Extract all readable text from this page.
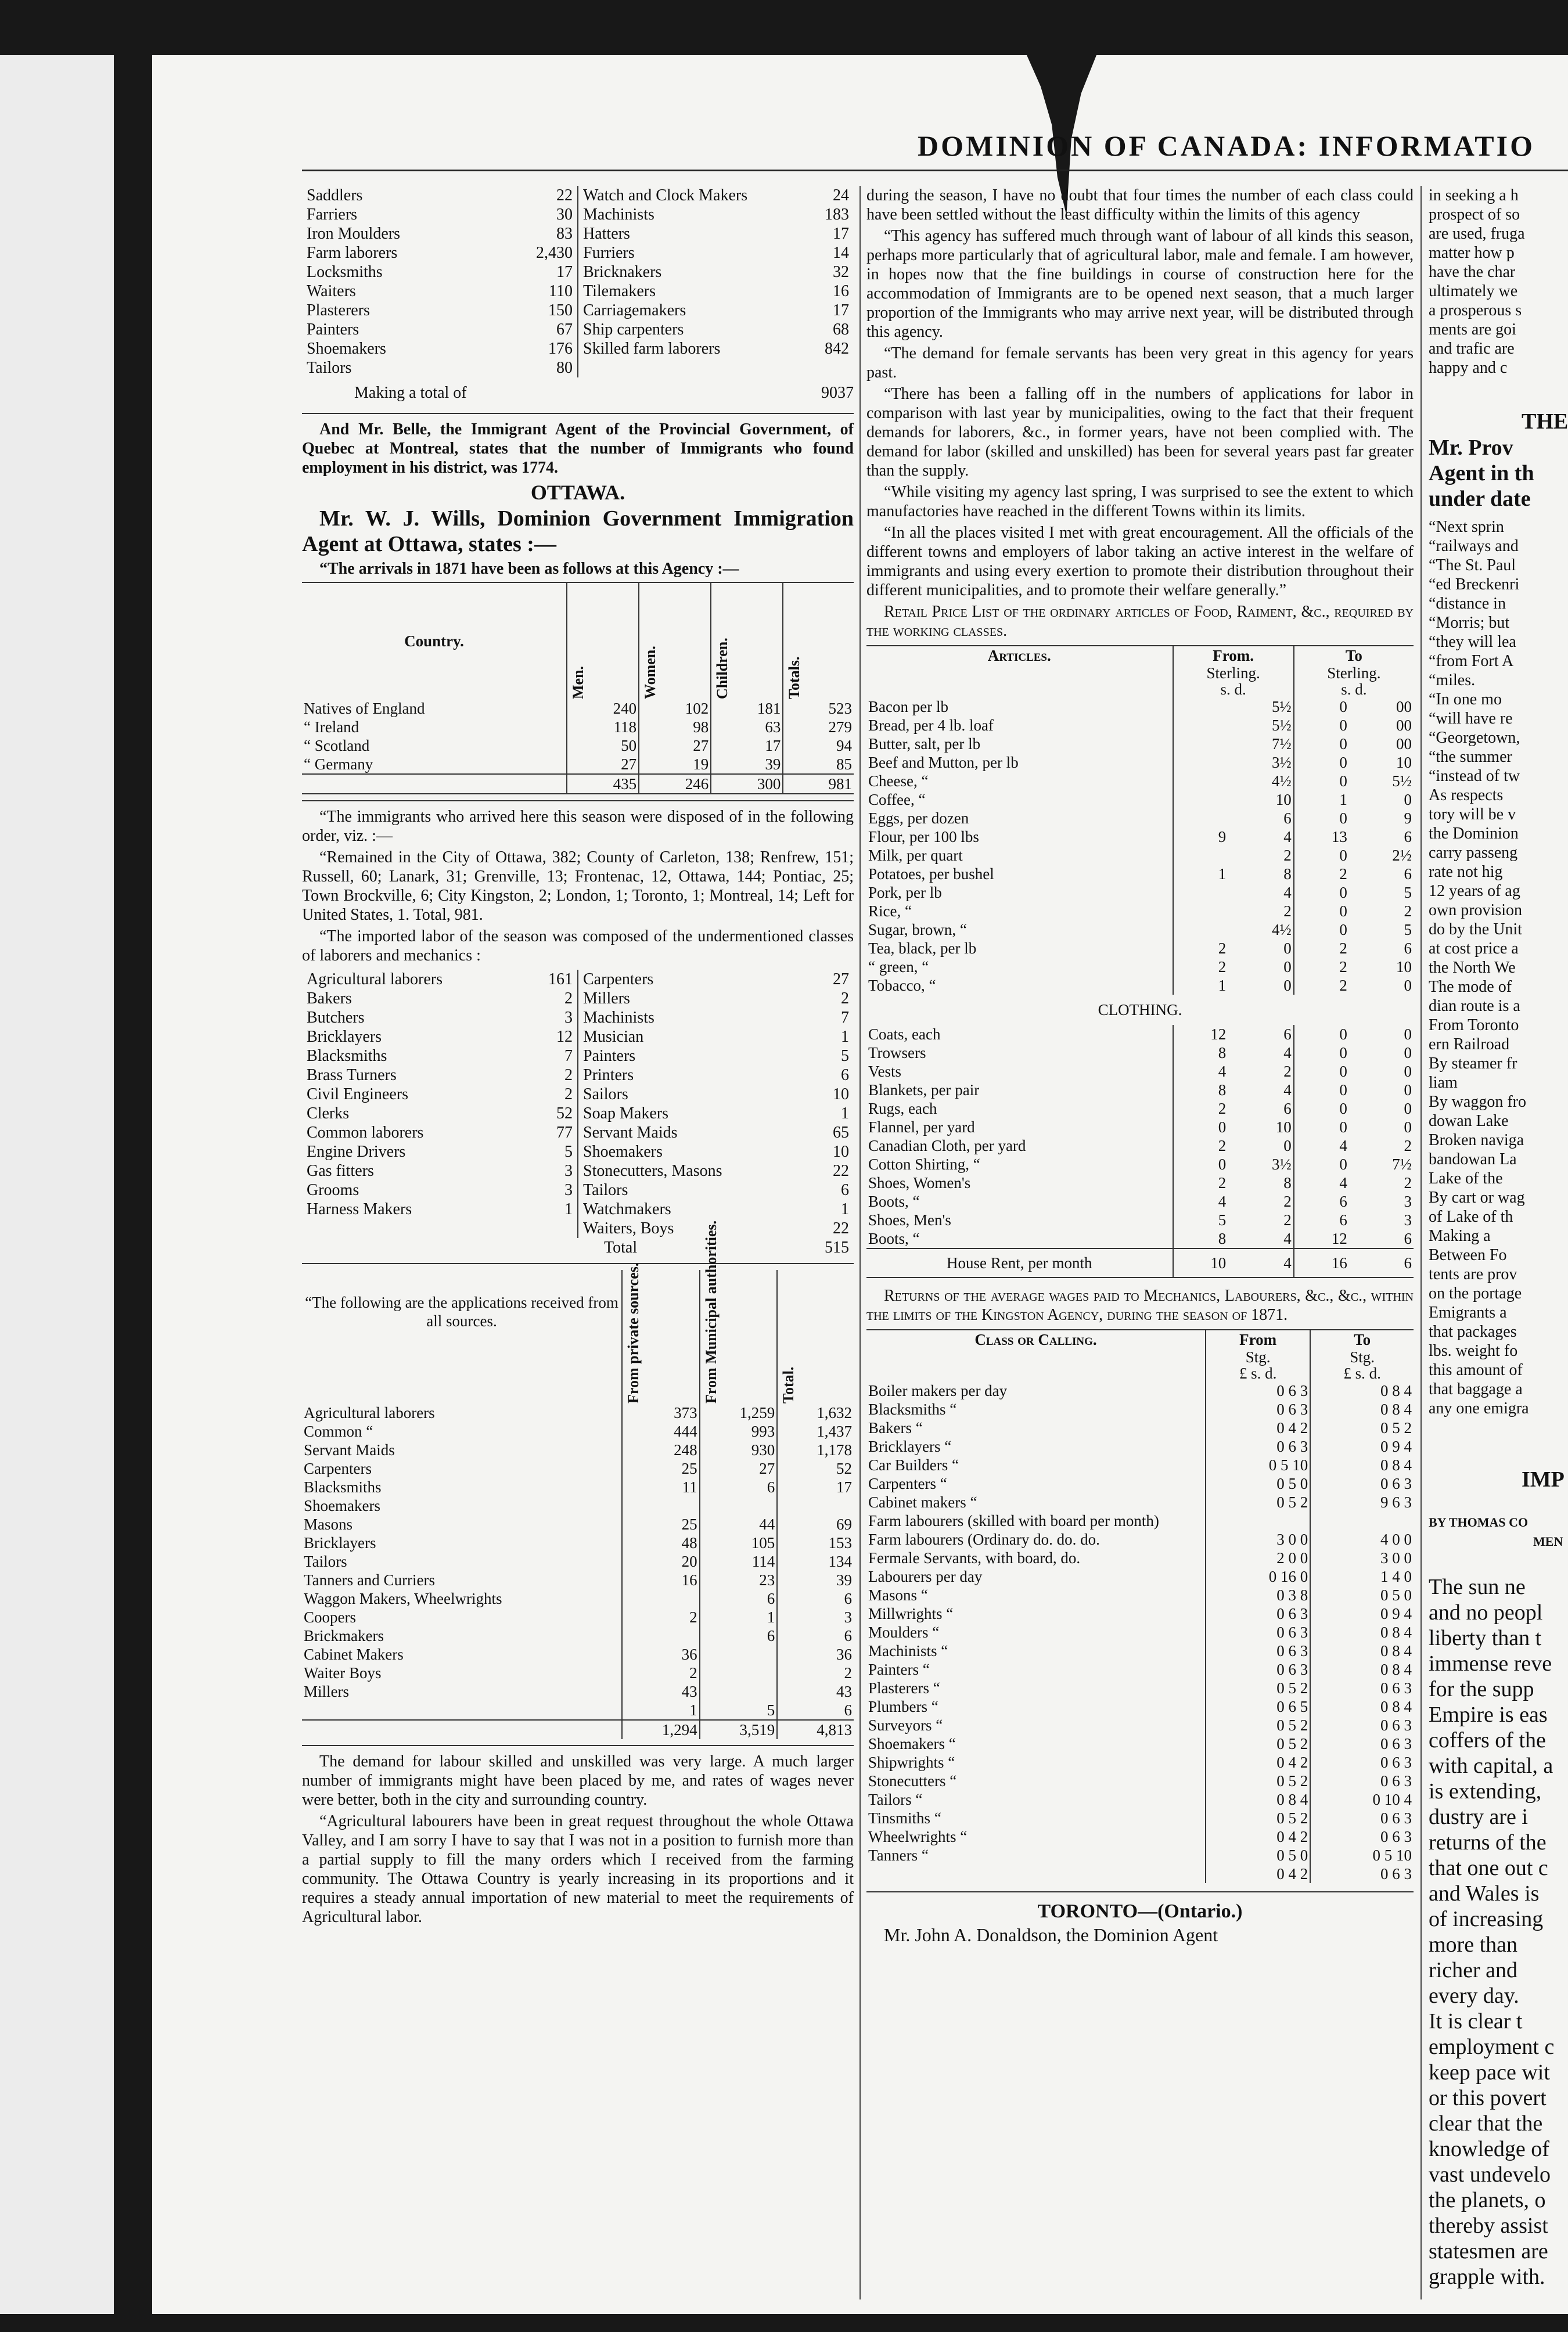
DOMINION OF CANADA: INFORMATIO
Saddlers	22
Farriers	30
Iron Moulders	83
Farm laborers	2,430
Locksmiths	17
Waiters	110
Plasterers	150
Painters	67
Shoemakers	176
Tailors	80
Watch and Clock Makers	24
Machinists	183
Hatters	17
Furriers	14
Bricknakers	32
Tilemakers	16
Carriagemakers	17
Ship carpenters	68
Skilled farm laborers	842
Making a total of	9037

And Mr. Belle, the Immigrant Agent of the Provincial Government, of Quebec at Montreal, states that the number of Immigrants who found employment in his district, was 1774.

OTTAWA.

Mr. W. J. Wills, Dominion Government Immigration Agent at Ottawa, states :—

“The arrivals in 1871 have been as follows at this Agency :—

Country.	Men.	Women.	Children.	Totals.

Natives of England	240	102	181	523
“ Ireland	118	98	63	279
“ Scotland	50	27	17	94
“ Germany	27	19	39	85
	435	246	300	981

“The immigrants who arrived here this season were disposed of in the following order, viz. :—

“Remained in the City of Ottawa, 382; County of Carleton, 138; Renfrew, 151; Russell, 60; Lanark, 31; Grenville, 13; Frontenac, 12, Ottawa, 144; Pontiac, 25; Town Brockville, 6; City Kingston, 2; London, 1; Toronto, 1; Montreal, 14; Left for United States, 1. Total, 981.

“The imported labor of the season was composed of the undermentioned classes of laborers and mechanics :

Agricultural laborers	161
Bakers	2
Butchers	3
Bricklayers	12
Blacksmiths	7
Brass Turners	2
Civil Engineers	2
Clerks	52
Common laborers	77
Engine Drivers	5
Gas fitters	3
Grooms	3
Harness Makers	1
Carpenters	27
Millers	2
Machinists	7
Musician	1
Painters	5
Printers	6
Sailors	10
Soap Makers	1
Servant Maids	65
Shoemakers	10
Stonecutters, Masons	22
Tailors	6
Watchmakers	1
Waiters, Boys	22
Total	515
“The following are the applications received from all sources.	From private sources.	From Municipal authorities.	Total.

Agricultural laborers	373	1,259	1,632
Common “	444	993	1,437
Servant Maids	248	930	1,178
Carpenters	25	27	52
Blacksmiths	11	6	17
Shoemakers			
Masons	25	44	69
Bricklayers	48	105	153
Tailors	20	114	134
Tanners and Curriers	16	23	39
Waggon Makers, Wheelwrights		6	6
Coopers	2	1	3
Brickmakers		6	6
Cabinet Makers	36		36
Waiter Boys	2		2
Millers	43		43
	1	5	6
	1,294	3,519	4,813

The demand for labour skilled and unskilled was very large. A much larger number of immigrants might have been placed by me, and rates of wages never were better, both in the city and surrounding country.

“Agricultural labourers have been in great request throughout the whole Ottawa Valley, and I am sorry I have to say that I was not in a position to furnish more than a partial supply to fill the many orders which I received from the farming community. The Ottawa Country is yearly increasing in its proportions and it requires a steady annual importation of new material to meet the requirements of Agricultural labor.

during the season, I have no doubt that four times the number of each class could have been settled without the least difficulty within the limits of this agency

“This agency has suffered much through want of labour of all kinds this season, perhaps more particularly that of agricultural labor, male and female. I am however, in hopes now that the fine buildings in course of construction here for the accommodation of Immigrants are to be opened next season, that a much larger proportion of the Immigrants who may arrive next year, will be distributed through this agency.

“The demand for female servants has been very great in this agency for years past.

“There has been a falling off in the numbers of applications for labor in comparison with last year by municipalities, owing to the fact that their frequent demands for laborers, &c., in former years, have not been complied with. The demand for labor (skilled and unskilled) has been for several years past far greater than the supply.

“While visiting my agency last spring, I was surprised to see the extent to which manufactories have reached in the different Towns within its limits.

“In all the places visited I met with great encouragement. All the officials of the different towns and employers of labor taking an active interest in the welfare of immigrants and using every exertion to promote their distribution throughout their different municipalities, and to promote their welfare generally.”

Retail Price List of the ordinary articles of Food, Raiment, &c., required by the working classes.

Articles.	From.		To	
	Sterling.
s. d.		Sterling.
s. d.	
Bacon per lb		5½	0	00
Bread, per 4 lb. loaf		5½	0	00
Butter, salt, per lb		7½	0	00
Beef and Mutton, per lb		3½	0	10
Cheese, “		4½	0	5½
Coffee, “		10	1	0
Eggs, per dozen		6	0	9
Flour, per 100 lbs	9	4	13	6
Milk, per quart		2	0	2½
Potatoes, per bushel	1	8	2	6
Pork, per lb		4	0	5
Rice, “		2	0	2
Sugar, brown, “		4½	0	5
Tea, black, per lb	2	0	2	6
“ green, “	2	0	2	10
Tobacco, “	1	0	2	0
CLOTHING.				
Coats, each	12	6	0	0
Trowsers	8	4	0	0
Vests	4	2	0	0
Blankets, per pair	8	4	0	0
Rugs, each	2	6	0	0
Flannel, per yard	0	10	0	0
Canadian Cloth, per yard	2	0	4	2
Cotton Shirting, “	0	3½	0	7½
Shoes, Women's	2	8	4	2
Boots, “	4	2	6	3
Shoes, Men's	5	2	6	3
Boots, “	8	4	12	6
House Rent, per month	10	4	16	6

Returns of the average wages paid to Mechanics, Labourers, &c., &c., within the limits of the Kingston Agency, during the season of 1871.

Class or Calling.	From	To
	Stg.
£ s. d.	Stg.
£ s. d.
Boiler makers per day	0 6 3	0 8 4
Blacksmiths “	0 6 3	0 8 4
Bakers “	0 4 2	0 5 2
Bricklayers “	0 6 3	0 9 4
Car Builders “	0 5 10	0 8 4
Carpenters “	0 5 0	0 6 3
Cabinet makers “	0 5 2	9 6 3
Farm labourers (skilled with board per month)		
Farm labourers (Ordinary do. do. do.	3 0 0	4 0 0
Fermale Servants, with board, do.	2 0 0	3 0 0
Labourers per day	0 16 0	1 4 0
Masons “	0 3 8	0 5 0
Millwrights “	0 6 3	0 9 4
Moulders “	0 6 3	0 8 4
Machinists “	0 6 3	0 8 4
Painters “	0 6 3	0 8 4
Plasterers “	0 5 2	0 6 3
Plumbers “	0 6 5	0 8 4
Surveyors “	0 5 2	0 6 3
Shoemakers “	0 5 2	0 6 3
Shipwrights “	0 4 2	0 6 3
Stonecutters “	0 5 2	0 6 3
Tailors “	0 8 4	0 10 4
Tinsmiths “	0 5 2	0 6 3
Wheelwrights “	0 4 2	0 6 3
Tanners “	0 5 0	0 5 10
	0 4 2	0 6 3
TORONTO—(Ontario.)

Mr. John A. Donaldson, the Dominion Agent

in seeking a h

prospect of so

are used, fruga

matter how p

have the char

ultimately we

a prosperous s

ments are goi

and trafic are

happy and c

THE

Mr. Prov

Agent in th

under date

“Next sprin

“railways and

“The St. Paul

“ed Breckenri

“distance in

“Morris; but

“they will lea

“from Fort A

“miles.

“In one mo

“will have re

“Georgetown,

“the summer

“instead of tw

As respects

tory will be v

the Dominion

carry passeng

rate not hig

12 years of ag

own provision

do by the Unit

at cost price a

the North We

The mode of

dian route is a

From Toronto

ern Railroad

By steamer fr

liam

By waggon fro

dowan Lake

Broken naviga

bandowan La

Lake of the

By cart or wag

of Lake of th

Making a

Between Fo

tents are prov

on the portage

Emigrants a

that packages

lbs. weight fo

this amount of

that baggage a

any one emigra

IMP

BY THOMAS CO

MEN

The sun ne

and no peopl

liberty than t

immense reve

for the supp

Empire is eas

coffers of the

with capital, a

is extending,

dustry are i

returns of the

that one out c

and Wales is

of increasing

more than

richer and

every day.

It is clear t

employment c

keep pace wit

or this povert

clear that the

knowledge of

vast undevelo

the planets, o

thereby assist

statesmen are

grapple with.
